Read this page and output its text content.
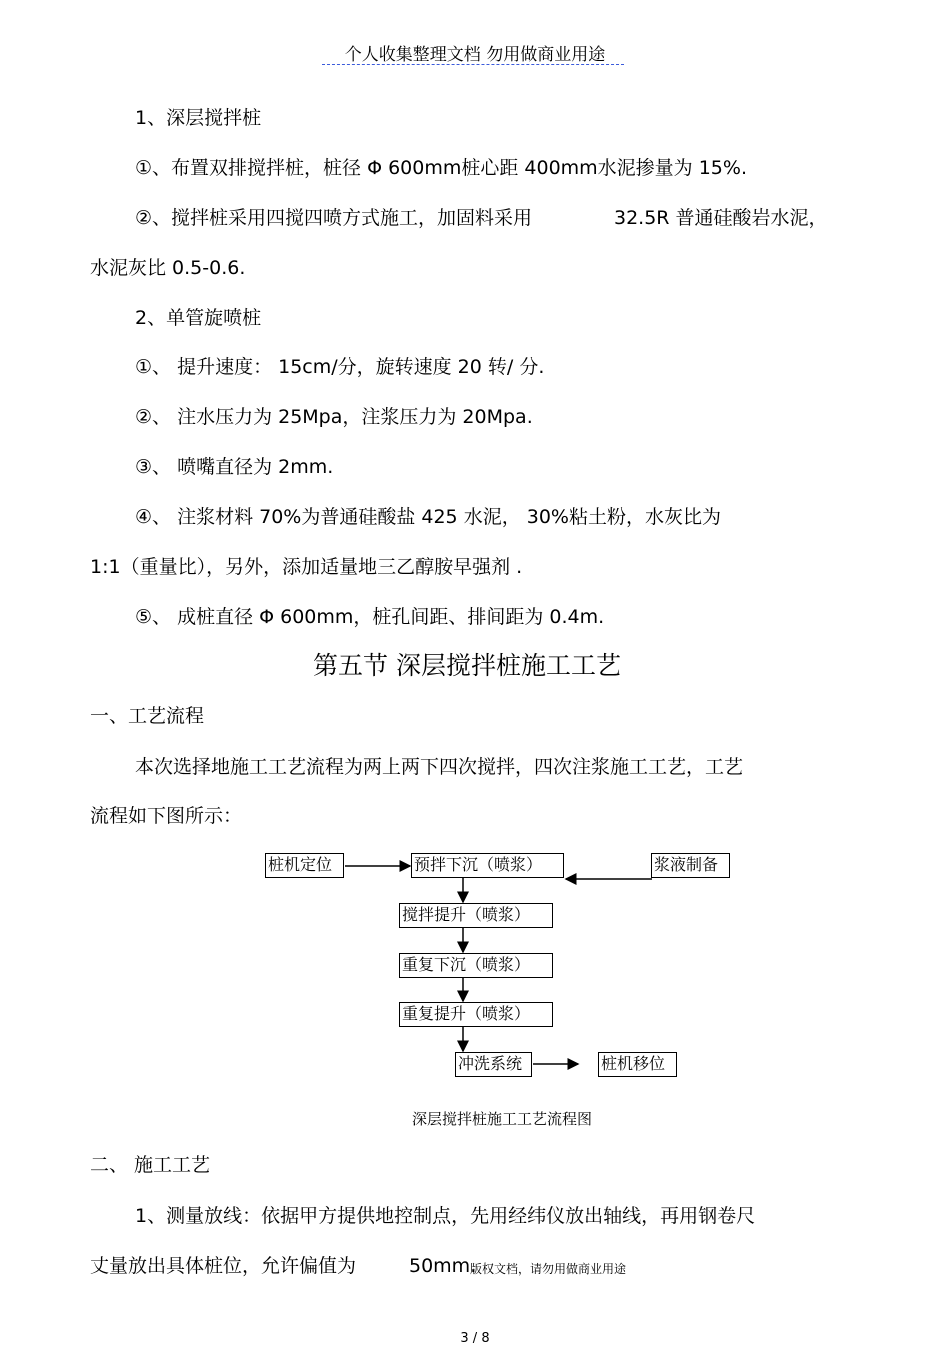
个人收集整理文档 勿用做商业用途
1、深层搅拌桩
①、布置双排搅拌桩，桩径 Φ 600mm桩心距 400mm水泥掺量为 15%.
②、搅拌桩采用四搅四喷方式施工，加固料采用	32.5R 普通硅酸岩水泥，
水泥灰比 0.5-0.6.
2、单管旋喷桩
①、 提升速度： 15cm/分，旋转速度 20 转/ 分.
②、 注水压力为 25Mpa，注浆压力为 20Mpa.
③、 喷嘴直径为 2mm.
④、 注浆材料 70%为普通硅酸盐 425 水泥， 30%粘土粉，水灰比为
1:1（重量比），另外，添加适量地三乙醇胺早强剂 .
⑤、 成桩直径 Φ 600mm，桩孔间距、排间距为 0.4m.
第五节 深层搅拌桩施工工艺
一、工艺流程
本次选择地施工工艺流程为两上两下四次搅拌，四次注浆施工工艺，工艺
流程如下图所示：
桩机定位	预拌下沉（喷浆）	浆液制备
搅拌提升（喷浆）
重复下沉（喷浆）
重复提升（喷浆）
冲洗系统	桩机移位
深层搅拌桩施工工艺流程图
二、 施工工艺
1、测量放线：依据甲方提供地控制点，先用经纬仪放出轴线，再用钢卷尺
丈量放出具体桩位，允许偏值为	50mm.
版权文档，请勿用做商业用途
3 / 8
